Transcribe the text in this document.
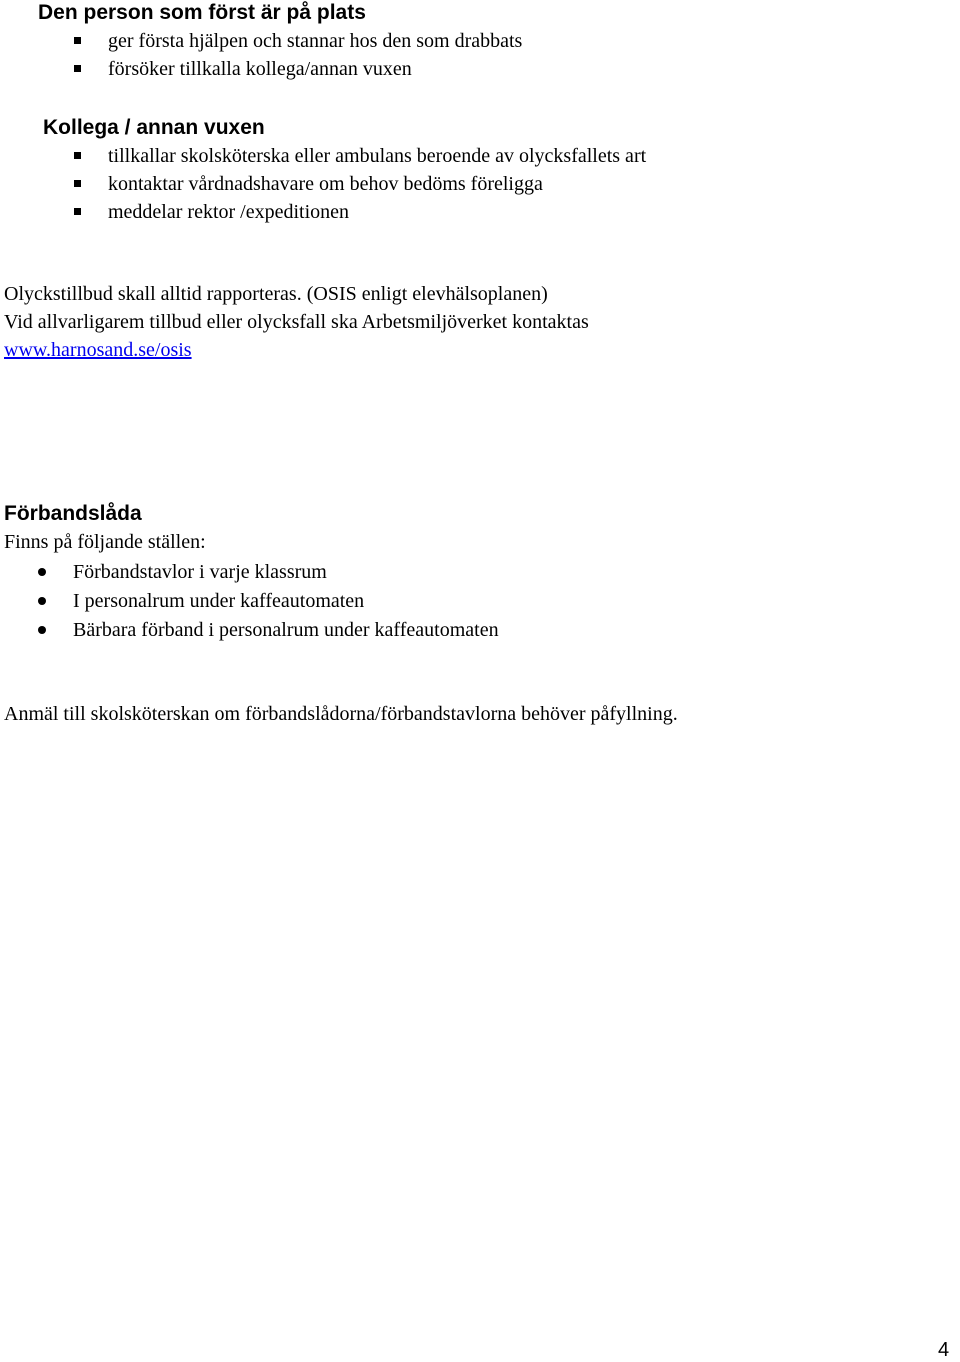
Den person som först är på plats
ger första hjälpen och stannar hos den som drabbats
försöker tillkalla kollega/annan vuxen
Kollega / annan vuxen
tillkallar skolsköterska eller ambulans beroende av olycksfallets art
kontaktar vårdnadshavare om behov bedöms föreligga
meddelar rektor /expeditionen
Olyckstillbud skall alltid rapporteras. (OSIS enligt elevhälsoplanen)
Vid allvarligarem tillbud eller olycksfall ska Arbetsmiljöverket kontaktas
www.harnosand.se/osis
Förbandslåda
Finns på följande ställen:
Förbandstavlor i varje klassrum
I personalrum under kaffeautomaten
Bärbara förband i personalrum under kaffeautomaten
Anmäl till skolsköterskan om förbandslådorna/förbandstavlorna behöver påfyllning.
4
